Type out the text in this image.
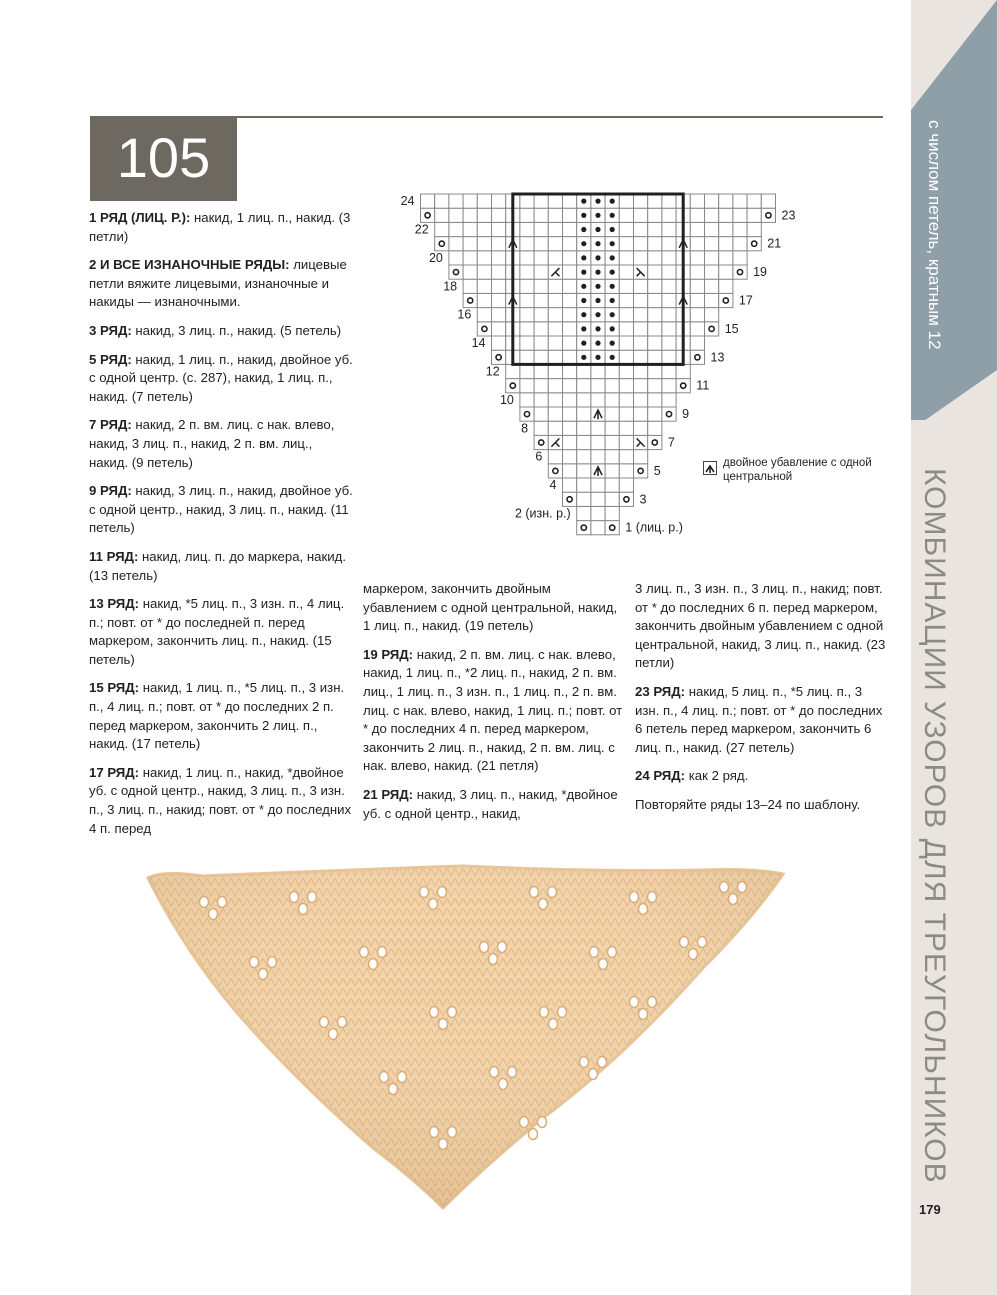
с числом петель, кратным 12
КОМБИНАЦИИ УЗОРОВ ДЛЯ ТРЕУГОЛЬНИКОВ
179
105

1 РЯД (ЛИЦ. Р.): накид, 1 лиц. п., накид. (3 петли)

2 И ВСЕ ИЗНАНОЧНЫЕ РЯДЫ: лицевые петли вяжите лицевыми, изнаночные и накиды — изнаночными.

3 РЯД: накид, 3 лиц. п., накид. (5 петель)

5 РЯД: накид, 1 лиц. п., накид, двойное уб. с одной центр. (с. 287), накид, 1 лиц. п., накид. (7 петель)

7 РЯД: накид, 2 п. вм. лиц. с нак. влево, накид, 3 лиц. п., накид, 2 п. вм. лиц., накид. (9 петель)

9 РЯД: накид, 3 лиц. п., накид, двойное уб. с одной центр., накид, 3 лиц. п., накид. (11 петель)

11 РЯД: накид, лиц. п. до маркера, накид. (13 петель)

13 РЯД: накид, *5 лиц. п., 3 изн. п., 4 лиц. п.; повт. от * до последней п. перед маркером, закончить лиц. п., накид. (15 петель)

15 РЯД: накид, 1 лиц. п., *5 лиц. п., 3 изн. п., 4 лиц. п.; повт. от * до последних 2 п. перед маркером, закончить 2 лиц. п., накид. (17 петель)

17 РЯД: накид, 1 лиц. п., накид, *двойное уб. с одной центр., накид, 3 лиц. п., 3 изн. п., 3 лиц. п., накид; повт. от * до последних 4 п. перед

маркером, закончить двойным убавлением с одной центральной, накид, 1 лиц. п., накид. (19 петель)

19 РЯД: накид, 2 п. вм. лиц. с нак. влево, накид, 1 лиц. п., *2 лиц. п., накид, 2 п. вм. лиц., 1 лиц. п., 3 изн. п., 1 лиц. п., 2 п. вм. лиц. с нак. влево, накид, 1 лиц. п.; повт. от * до последних 4 п. перед маркером, закончить 2 лиц. п., накид, 2 п. вм. лиц. с нак. влево, накид. (21 петля)

21 РЯД: накид, 3 лиц. п., накид, *двойное уб. с одной центр., накид,

3 лиц. п., 3 изн. п., 3 лиц. п., накид; повт. от * до последних 6 п. перед маркером, закончить двойным убавлением с одной центральной, накид, 3 лиц. п., накид. (23 петли)

23 РЯД: накид, 5 лиц. п., *5 лиц. п., 3 изн. п., 4 лиц. п.; повт. от * до последних 6 петель перед маркером, закончить 6 лиц. п., накид. (27 петель)

24 РЯД: как 2 ряд.

Повторяйте ряды 13–24 по шаблону.

24
22
20
18
16
14
12
10
8
6
4
2 (изн. р.)
23
21
19
17
15
13
11
9
7
5
3
1 (лиц. р.)
двойное убавление с одной центральной
